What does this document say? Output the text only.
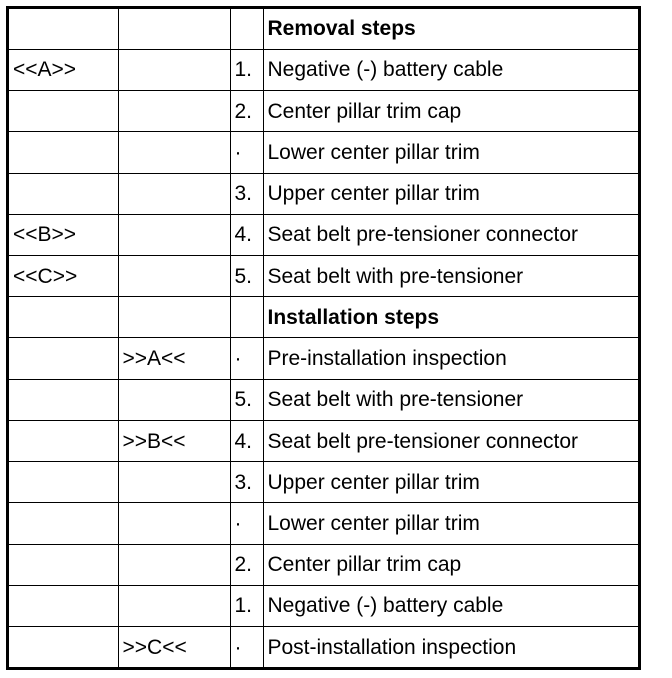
			Removal steps
<<A>>		1.	Negative (-) battery cable
		2.	Center pillar trim cap
		·	Lower center pillar trim
		3.	Upper center pillar trim
<<B>>		4.	Seat belt pre-tensioner connector
<<C>>		5.	Seat belt with pre-tensioner
			Installation steps
	>>A<<	·	Pre-installation inspection
		5.	Seat belt with pre-tensioner
	>>B<<	4.	Seat belt pre-tensioner connector
		3.	Upper center pillar trim
		·	Lower center pillar trim
		2.	Center pillar trim cap
		1.	Negative (-) battery cable
	>>C<<	·	Post-installation inspection
